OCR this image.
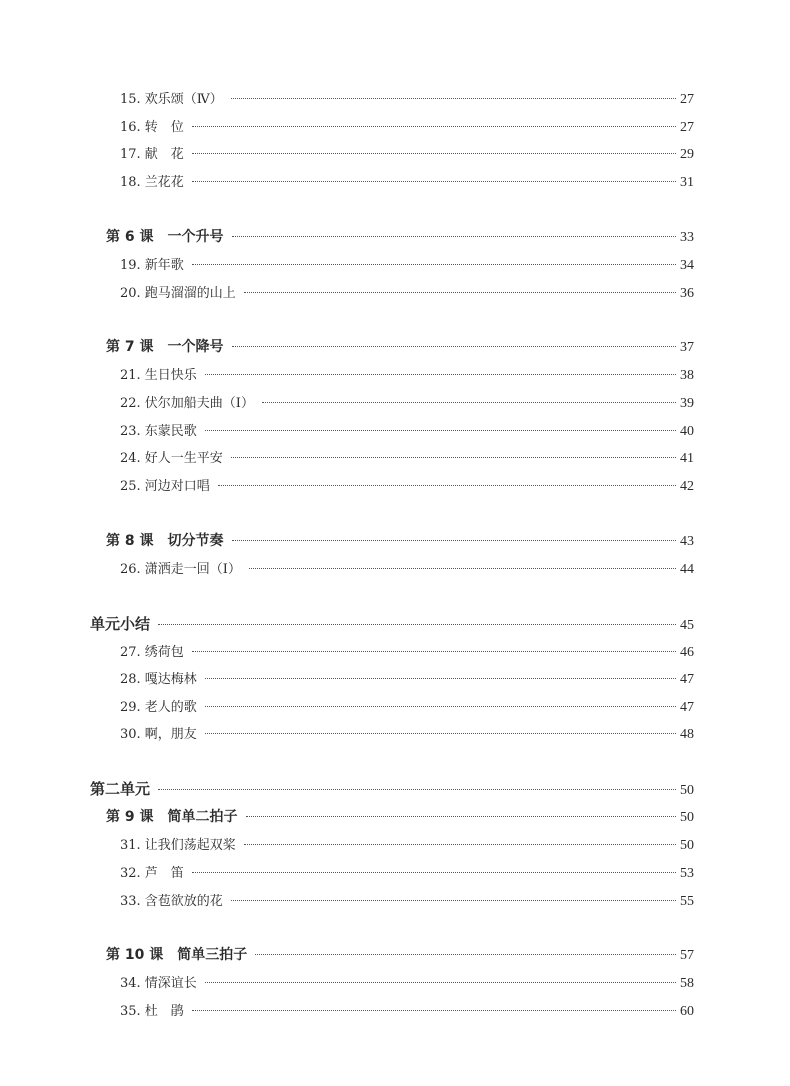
15. 欢乐颂（Ⅳ）	27
16. 转　位	27
17. 献　花	29
18. 兰花花	31
第 6 课　一个升号	33
19. 新年歌	34
20. 跑马溜溜的山上	36
第 7 课　一个降号	37
21. 生日快乐	38
22. 伏尔加船夫曲（Ⅰ）	39
23. 东蒙民歌	40
24. 好人一生平安	41
25. 河边对口唱	42
第 8 课　切分节奏	43
26. 潇洒走一回（Ⅰ）	44
单元小结	45
27. 绣荷包	46
28. 嘎达梅林	47
29. 老人的歌	47
30. 啊，朋友	48
第二单元	50
第 9 课　简单二拍子	50
31. 让我们荡起双桨	50
32. 芦　笛	53
33. 含苞欲放的花	55
第 10 课　简单三拍子	57
34. 情深谊长	58
35. 杜　鹃	60
